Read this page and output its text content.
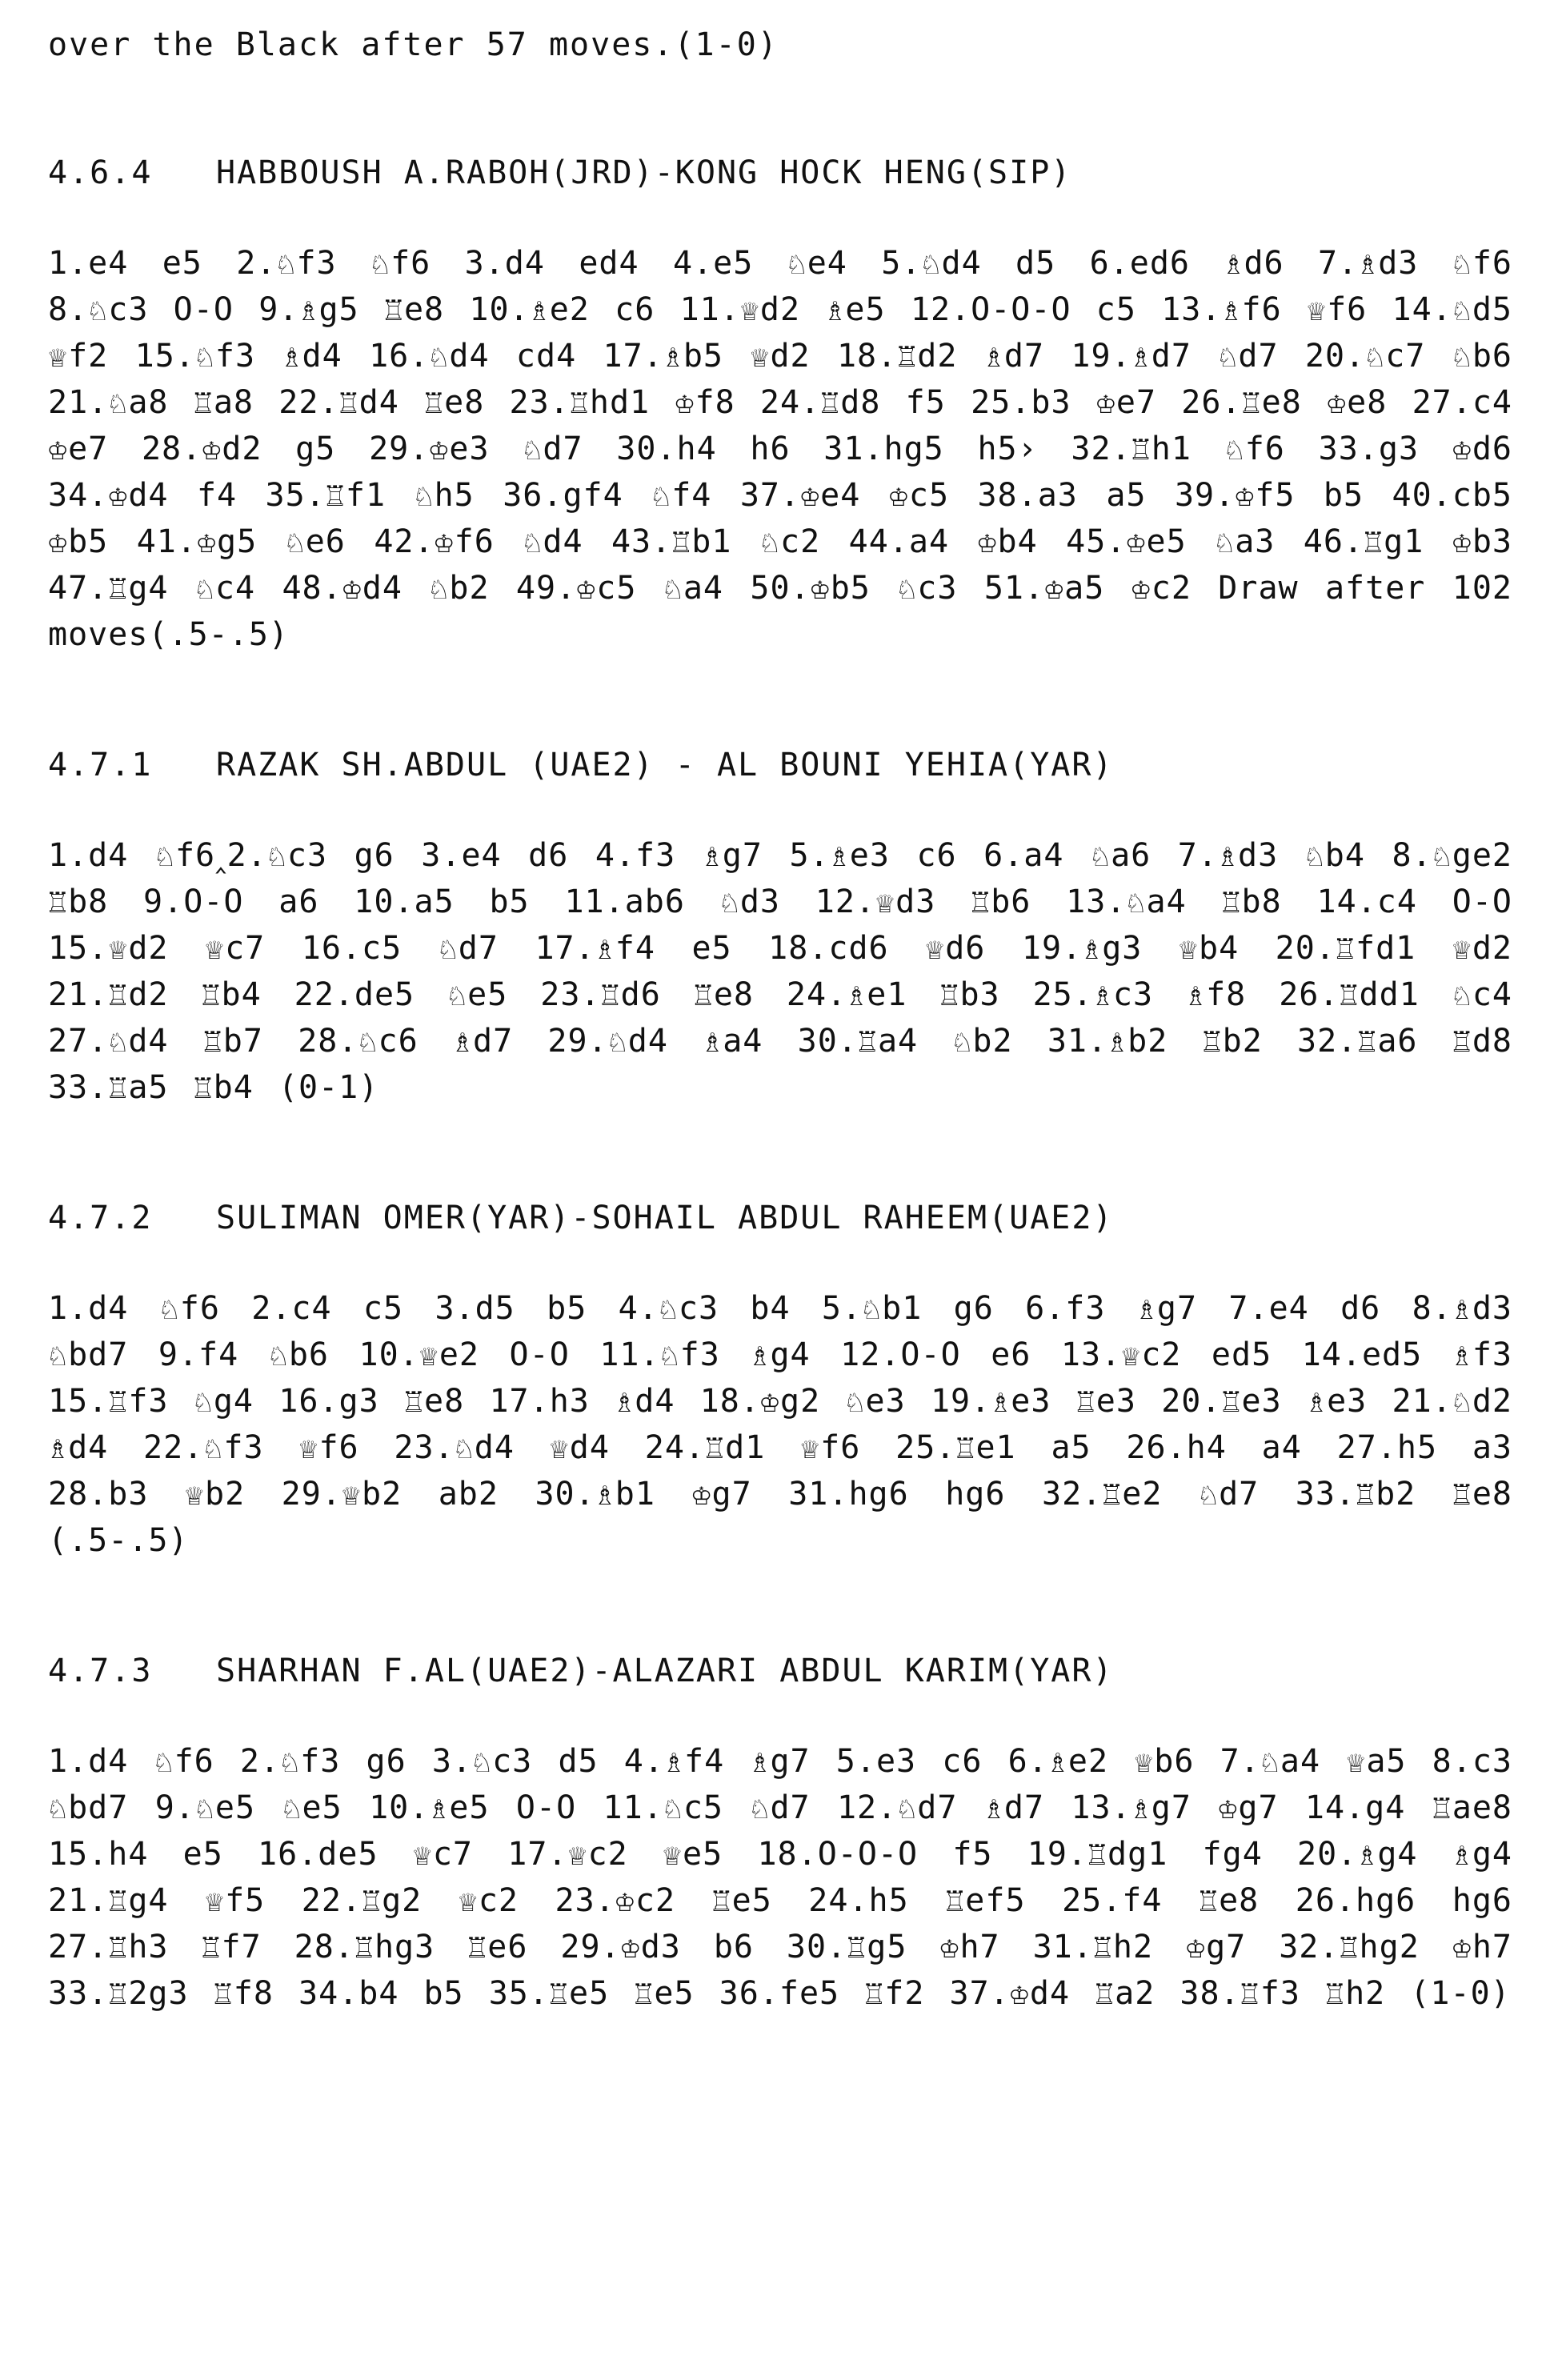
over the Black after 57 moves.(1-0)

4.6.4 HABBOUSH A.RABOH(JRD)-KONG HOCK HENG(SIP)

1.e4 e5 2.♘f3 ♘f6 3.d4 ed4 4.e5 ♘e4 5.♘d4 d5 6.ed6 ♗d6 7.♗d3 ♘f6 8.♘c3 O-O 9.♗g5 ♖e8 10.♗e2 c6 11.♕d2 ♗e5 12.O-O-O c5 13.♗f6 ♕f6 14.♘d5 ♕f2 15.♘f3 ♗d4 16.♘d4 cd4 17.♗b5 ♕d2 18.♖d2 ♗d7 19.♗d7 ♘d7 20.♘c7 ♘b6 21.♘a8 ♖a8 22.♖d4 ♖e8 23.♖hd1 ♔f8 24.♖d8 f5 25.b3 ♔e7 26.♖e8 ♔e8 27.c4 ♔e7 28.♔d2 g5 29.♔e3 ♘d7 30.h4 h6 31.hg5 h5› 32.♖h1 ♘f6 33.g3 ♔d6 34.♔d4 f4 35.♖f1 ♘h5 36.gf4 ♘f4 37.♔e4 ♔c5 38.a3 a5 39.♔f5 b5 40.cb5 ♔b5 41.♔g5 ♘e6 42.♔f6 ♘d4 43.♖b1 ♘c2 44.a4 ♔b4 45.♔e5 ♘a3 46.♖g1 ♔b3 47.♖g4 ♘c4 48.♔d4 ♘b2 49.♔c5 ♘a4 50.♔b5 ♘c3 51.♔a5 ♔c2 Draw after 102 moves(.5-.5)

4.7.1 RAZAK SH.ABDUL (UAE2) - AL BOUNI YEHIA(YAR)

1.d4 ♘f6‸2.♘c3 g6 3.e4 d6 4.f3 ♗g7 5.♗e3 c6 6.a4 ♘a6 7.♗d3 ♘b4 8.♘ge2 ♖b8 9.O-O a6 10.a5 b5 11.ab6 ♘d3 12.♕d3 ♖b6 13.♘a4 ♖b8 14.c4 O-O 15.♕d2 ♕c7 16.c5 ♘d7 17.♗f4 e5 18.cd6 ♕d6 19.♗g3 ♕b4 20.♖fd1 ♕d2 21.♖d2 ♖b4 22.de5 ♘e5 23.♖d6 ♖e8 24.♗e1 ♖b3 25.♗c3 ♗f8 26.♖dd1 ♘c4 27.♘d4 ♖b7 28.♘c6 ♗d7 29.♘d4 ♗a4 30.♖a4 ♘b2 31.♗b2 ♖b2 32.♖a6 ♖d8 33.♖a5 ♖b4 (0-1)

4.7.2 SULIMAN OMER(YAR)-SOHAIL ABDUL RAHEEM(UAE2)

1.d4 ♘f6 2.c4 c5 3.d5 b5 4.♘c3 b4 5.♘b1 g6 6.f3 ♗g7 7.e4 d6 8.♗d3 ♘bd7 9.f4 ♘b6 10.♕e2 O-O 11.♘f3 ♗g4 12.O-O e6 13.♕c2 ed5 14.ed5 ♗f3 15.♖f3 ♘g4 16.g3 ♖e8 17.h3 ♗d4 18.♔g2 ♘e3 19.♗e3 ♖e3 20.♖e3 ♗e3 21.♘d2 ♗d4 22.♘f3 ♕f6 23.♘d4 ♕d4 24.♖d1 ♕f6 25.♖e1 a5 26.h4 a4 27.h5 a3 28.b3 ♕b2 29.♕b2 ab2 30.♗b1 ♔g7 31.hg6 hg6 32.♖e2 ♘d7 33.♖b2 ♖e8 (.5-.5)

4.7.3 SHARHAN F.AL(UAE2)-ALAZARI ABDUL KARIM(YAR)

1.d4 ♘f6 2.♘f3 g6 3.♘c3 d5 4.♗f4 ♗g7 5.e3 c6 6.♗e2 ♕b6 7.♘a4 ♕a5 8.c3 ♘bd7 9.♘e5 ♘e5 10.♗e5 O-O 11.♘c5 ♘d7 12.♘d7 ♗d7 13.♗g7 ♔g7 14.g4 ♖ae8 15.h4 e5 16.de5 ♕c7 17.♕c2 ♕e5 18.O-O-O f5 19.♖dg1 fg4 20.♗g4 ♗g4 21.♖g4 ♕f5 22.♖g2 ♕c2 23.♔c2 ♖e5 24.h5 ♖ef5 25.f4 ♖e8 26.hg6 hg6 27.♖h3 ♖f7 28.♖hg3 ♖e6 29.♔d3 b6 30.♖g5 ♔h7 31.♖h2 ♔g7 32.♖hg2 ♔h7 33.♖2g3 ♖f8 34.b4 b5 35.♖e5 ♖e5 36.fe5 ♖f2 37.♔d4 ♖a2 38.♖f3 ♖h2 (1-0)
